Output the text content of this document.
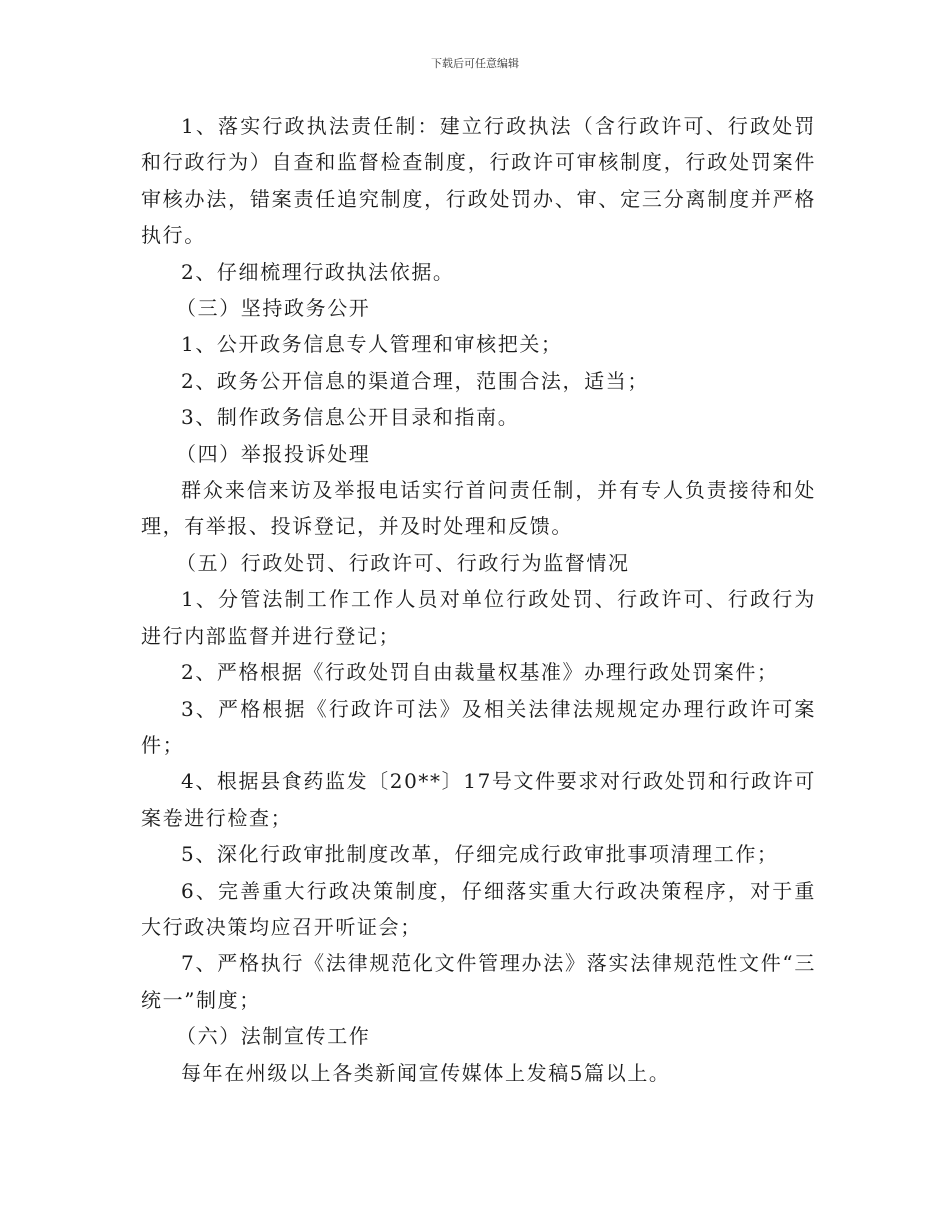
下载后可任意编辑

1、落实行政执法责任制：建立行政执法（含行政许可、行政处罚和行政行为）自查和监督检查制度，行政许可审核制度，行政处罚案件审核办法，错案责任追究制度，行政处罚办、审、定三分离制度并严格执行。

2、仔细梳理行政执法依据。

（三）坚持政务公开

1、公开政务信息专人管理和审核把关；

2、政务公开信息的渠道合理，范围合法，适当；

3、制作政务信息公开目录和指南。

（四）举报投诉处理

群众来信来访及举报电话实行首问责任制，并有专人负责接待和处理，有举报、投诉登记，并及时处理和反馈。

（五）行政处罚、行政许可、行政行为监督情况

1、分管法制工作工作人员对单位行政处罚、行政许可、行政行为进行内部监督并进行登记；

2、严格根据《行政处罚自由裁量权基准》办理行政处罚案件；

3、严格根据《行政许可法》及相关法律法规规定办理行政许可案件；

4、根据县食药监发〔20**〕17号文件要求对行政处罚和行政许可案卷进行检查；

5、深化行政审批制度改革，仔细完成行政审批事项清理工作；

6、完善重大行政决策制度，仔细落实重大行政决策程序，对于重大行政决策均应召开听证会；

7、严格执行《法律规范化文件管理办法》落实法律规范性文件“三统一”制度；

（六）法制宣传工作

每年在州级以上各类新闻宣传媒体上发稿5篇以上。
